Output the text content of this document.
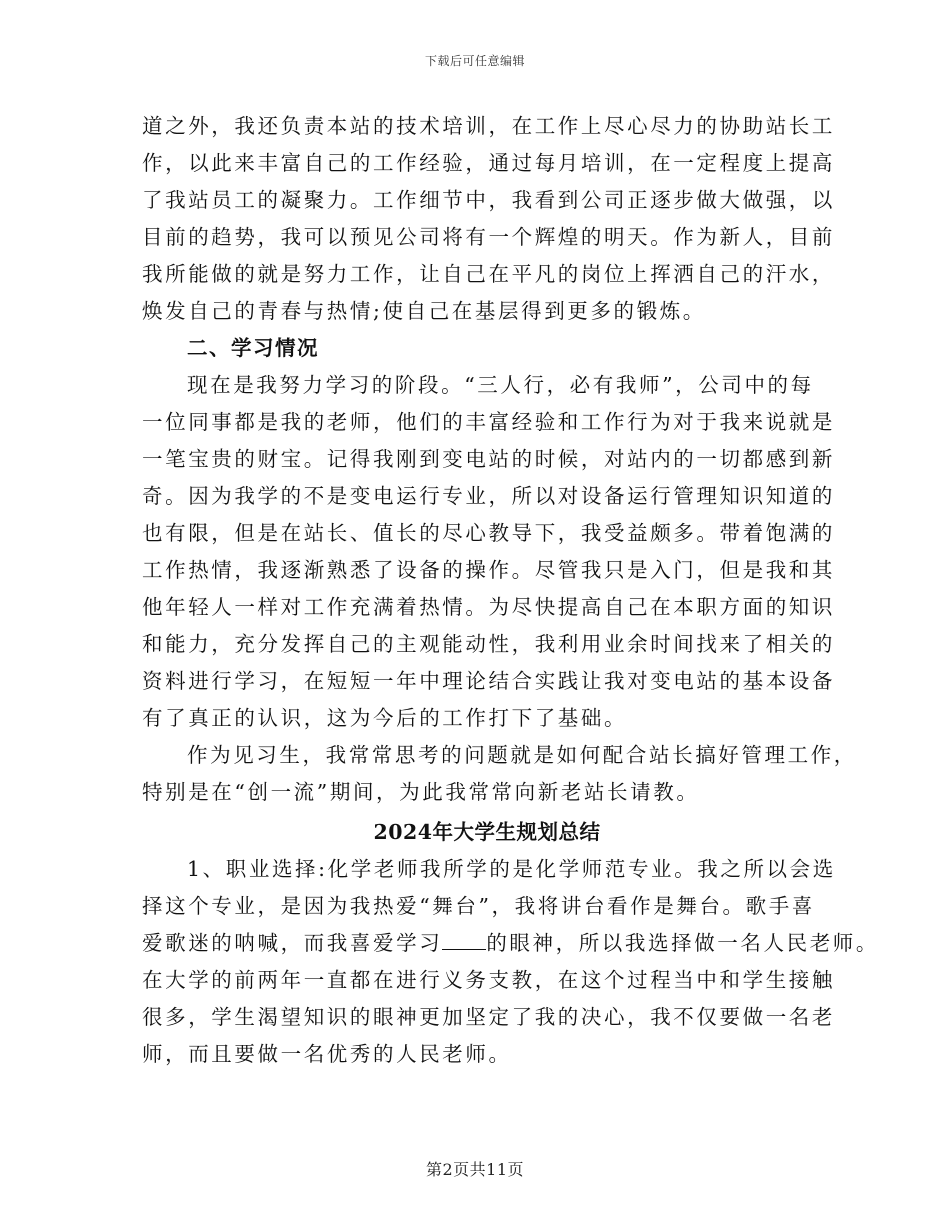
下载后可任意编辑
道之外，我还负责本站的技术培训，在工作上尽心尽力的协助站长工
作，以此来丰富自己的工作经验，通过每月培训，在一定程度上提高
了我站员工的凝聚力。工作细节中，我看到公司正逐步做大做强，以
目前的趋势，我可以预见公司将有一个辉煌的明天。作为新人，目前
我所能做的就是努力工作，让自己在平凡的岗位上挥洒自己的汗水，
焕发自己的青春与热情;使自己在基层得到更多的锻炼。
二、学习情况
现在是我努力学习的阶段。“三人行，必有我师”，公司中的每
一位同事都是我的老师，他们的丰富经验和工作行为对于我来说就是
一笔宝贵的财宝。记得我刚到变电站的时候，对站内的一切都感到新
奇。因为我学的不是变电运行专业，所以对设备运行管理知识知道的
也有限，但是在站长、值长的尽心教导下，我受益颇多。带着饱满的
工作热情，我逐渐熟悉了设备的操作。尽管我只是入门，但是我和其
他年轻人一样对工作充满着热情。为尽快提高自己在本职方面的知识
和能力，充分发挥自己的主观能动性，我利用业余时间找来了相关的
资料进行学习，在短短一年中理论结合实践让我对变电站的基本设备
有了真正的认识，这为今后的工作打下了基础。
作为见习生，我常常思考的问题就是如何配合站长搞好管理工作，
特别是在“创一流”期间，为此我常常向新老站长请教。
2024年大学生规划总结
1、职业选择:化学老师我所学的是化学师范专业。我之所以会选
择这个专业，是因为我热爱“舞台”，我将讲台看作是舞台。歌手喜
爱歌迷的呐喊，而我喜爱学习 的眼神，所以我选择做一名人民老师。
在大学的前两年一直都在进行义务支教，在这个过程当中和学生接触
很多，学生渴望知识的眼神更加坚定了我的决心，我不仅要做一名老
师，而且要做一名优秀的人民老师。
第2页共11页
